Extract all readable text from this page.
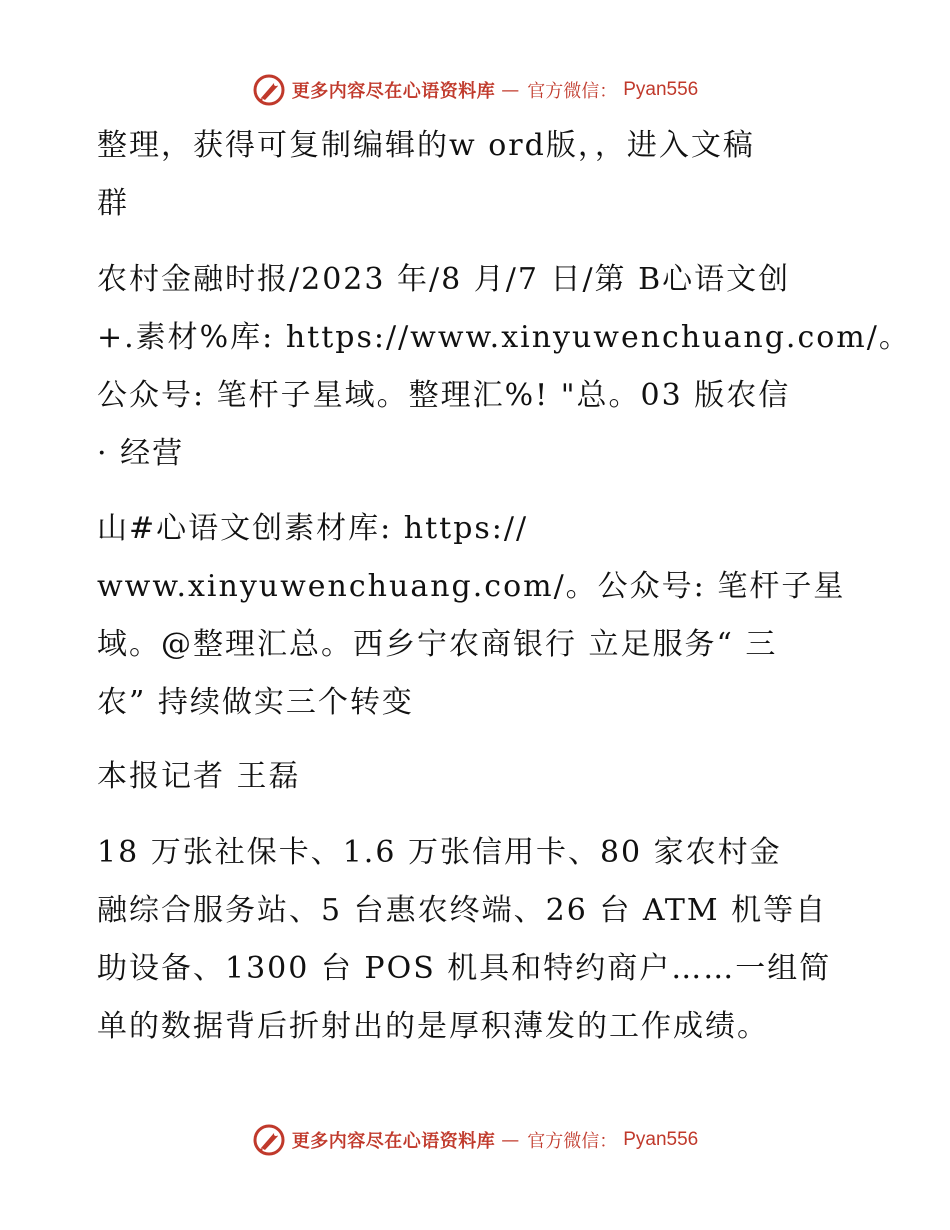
更多内容尽在心语资料库 — 官方微信： Pyan556
整理，获得可复制编辑的w ord版，，进入文稿
群
农村金融时报/2023 年/8 月/7 日/第 B心语文创
+.素材%库: https://www.xinyuwenchuang.com/。
公众号: 笔杆子星域。整理汇%! "总。03 版农信
· 经营
山#心语文创素材库: https://
www.xinyuwenchuang.com/。公众号: 笔杆子星
域。@整理汇总。西乡宁农商银行 立足服务“ 三
农” 持续做实三个转变
本报记者 王磊
18 万张社保卡、1.6 万张信用卡、80 家农村金
融综合服务站、5 台惠农终端、26 台 ATM 机等自
助设备、1300 台 POS 机具和特约商户……一组简
单的数据背后折射出的是厚积薄发的工作成绩。
更多内容尽在心语资料库 — 官方微信： Pyan556
